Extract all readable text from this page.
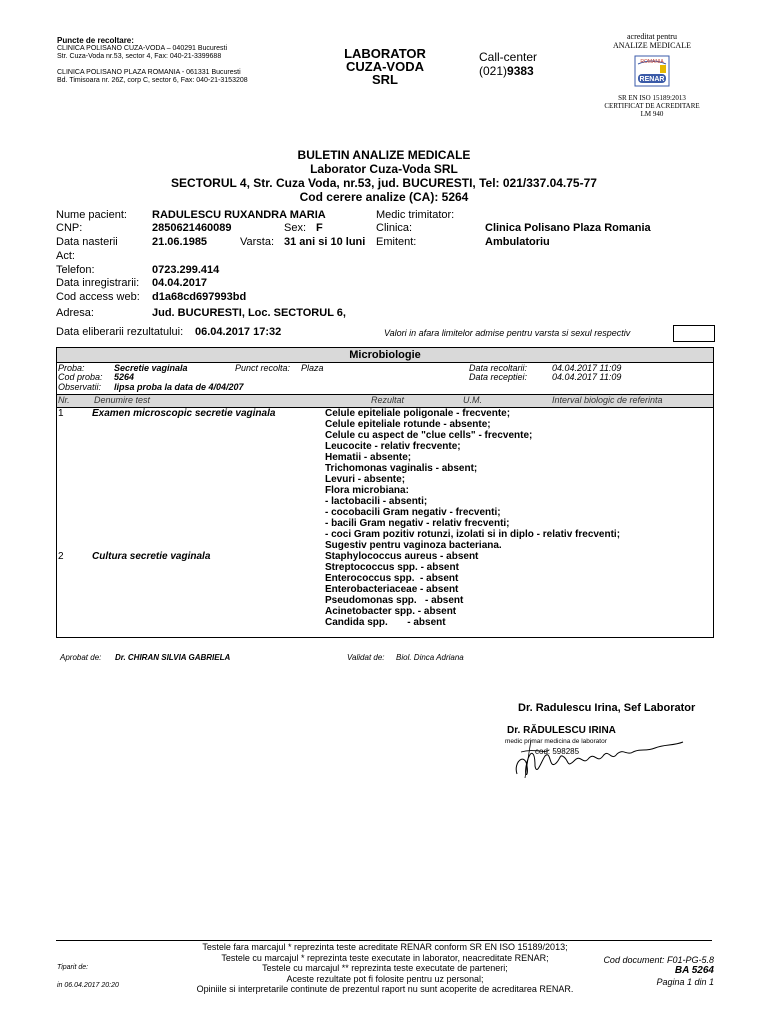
Puncte de recoltare:
CLINICA POLISANO CUZA-VODA – 040291 Bucuresti
Str. Cuza-Voda nr.53, sector 4, Fax: 040-21-3399688
CLINICA POLISANO PLAZA ROMANIA - 061331 Bucuresti
Bd. Timisoara nr. 26Z, corp C, sector 6, Fax: 040-21-3153208
LABORATOR
CUZA-VODA
SRL
Call-center
(021)9383
acreditat pentru
ANALIZE MEDICALE
ROMANIA
RENAR
SR EN ISO 15189:2013
CERTIFICAT DE ACREDITARE
LM 940
BULETIN ANALIZE MEDICALE
Laborator Cuza-Voda SRL
SECTORUL 4, Str. Cuza Voda, nr.53, jud. BUCURESTI, Tel: 021/337.04.75-77
Cod cerere analize (CA): 5264
Nume pacient: RADULESCU RUXANDRA MARIA	Medic trimitator:
CNP:	2850621460089	Sex: F	Clinica:	Clinica Polisano Plaza Romania
Data nasterii	21.06.1985	Varsta: 31 ani si 10 luni Emitent:	Ambulatoriu
Act:
Telefon:	0723.299.414
Data inregistrarii: 04.04.2017
Cod access web: d1a68cd697993bd
Adresa:	Jud. BUCURESTI, Loc. SECTORUL 6,
Data eliberarii rezultatului: 06.04.2017 17:32	Valori in afara limitelor admise pentru varsta si sexul respectiv
Microbiologie
Proba:	Secretie vaginala	Punct recolta: Plaza	Data recoltarii:	04.04.2017 11:09
Cod proba: 5264	Data receptiei:	04.04.2017 11:09
Observatii: lipsa proba la data de 4/04/207
Nr.	Denumire test	Rezultat	U.M.	Interval biologic de referinta
1	Examen microscopic secretie vaginala	Celule epiteliale poligonale - frecvente;
Celule epiteliale rotunde - absente;
Celule cu aspect de "clue cells" - frecvente;
Leucocite - relativ frecvente;
Hematii - absente;
Trichomonas vaginalis - absent;
Levuri - absente;
Flora microbiana:
- lactobacili - absenti;
- cocobacili Gram negativ - frecventi;
- bacili Gram negativ - relativ frecventi;
- coci Gram pozitiv rotunzi, izolati si in diplo - relativ frecventi;
Sugestiv pentru vaginoza bacteriana.
2	Cultura secretie vaginala	Staphylococcus aureus - absent
Streptococcus spp. - absent
Enterococcus spp.  - absent
Enterobacteriaceae - absent
Pseudomonas spp.   - absent
Acinetobacter spp. - absent
Candida spp.       - absent
Aprobat de: Dr. CHIRAN SILVIA GABRIELA	Validat de: Biol. Dinca Adriana
Dr. Radulescu Irina, Sef Laborator
Dr. RĂDULESCU IRINA
medic primar medicina de laborator
cod: 598285
Testele fara marcajul * reprezinta teste acreditate RENAR conform SR EN ISO 15189/2013;
Testele cu marcajul * reprezinta teste executate in laborator, neacreditate RENAR;
Testele cu marcajul ** reprezinta teste executate de parteneri;
Aceste rezultate pot fi folosite pentru uz personal;
Opiniile si interpretarile continute de prezentul raport nu sunt acoperite de acreditarea RENAR.
Tiparit de:
in 06.04.2017 20:20
Cod document: F01-PG-5.8
BA 5264
Pagina 1 din 1
